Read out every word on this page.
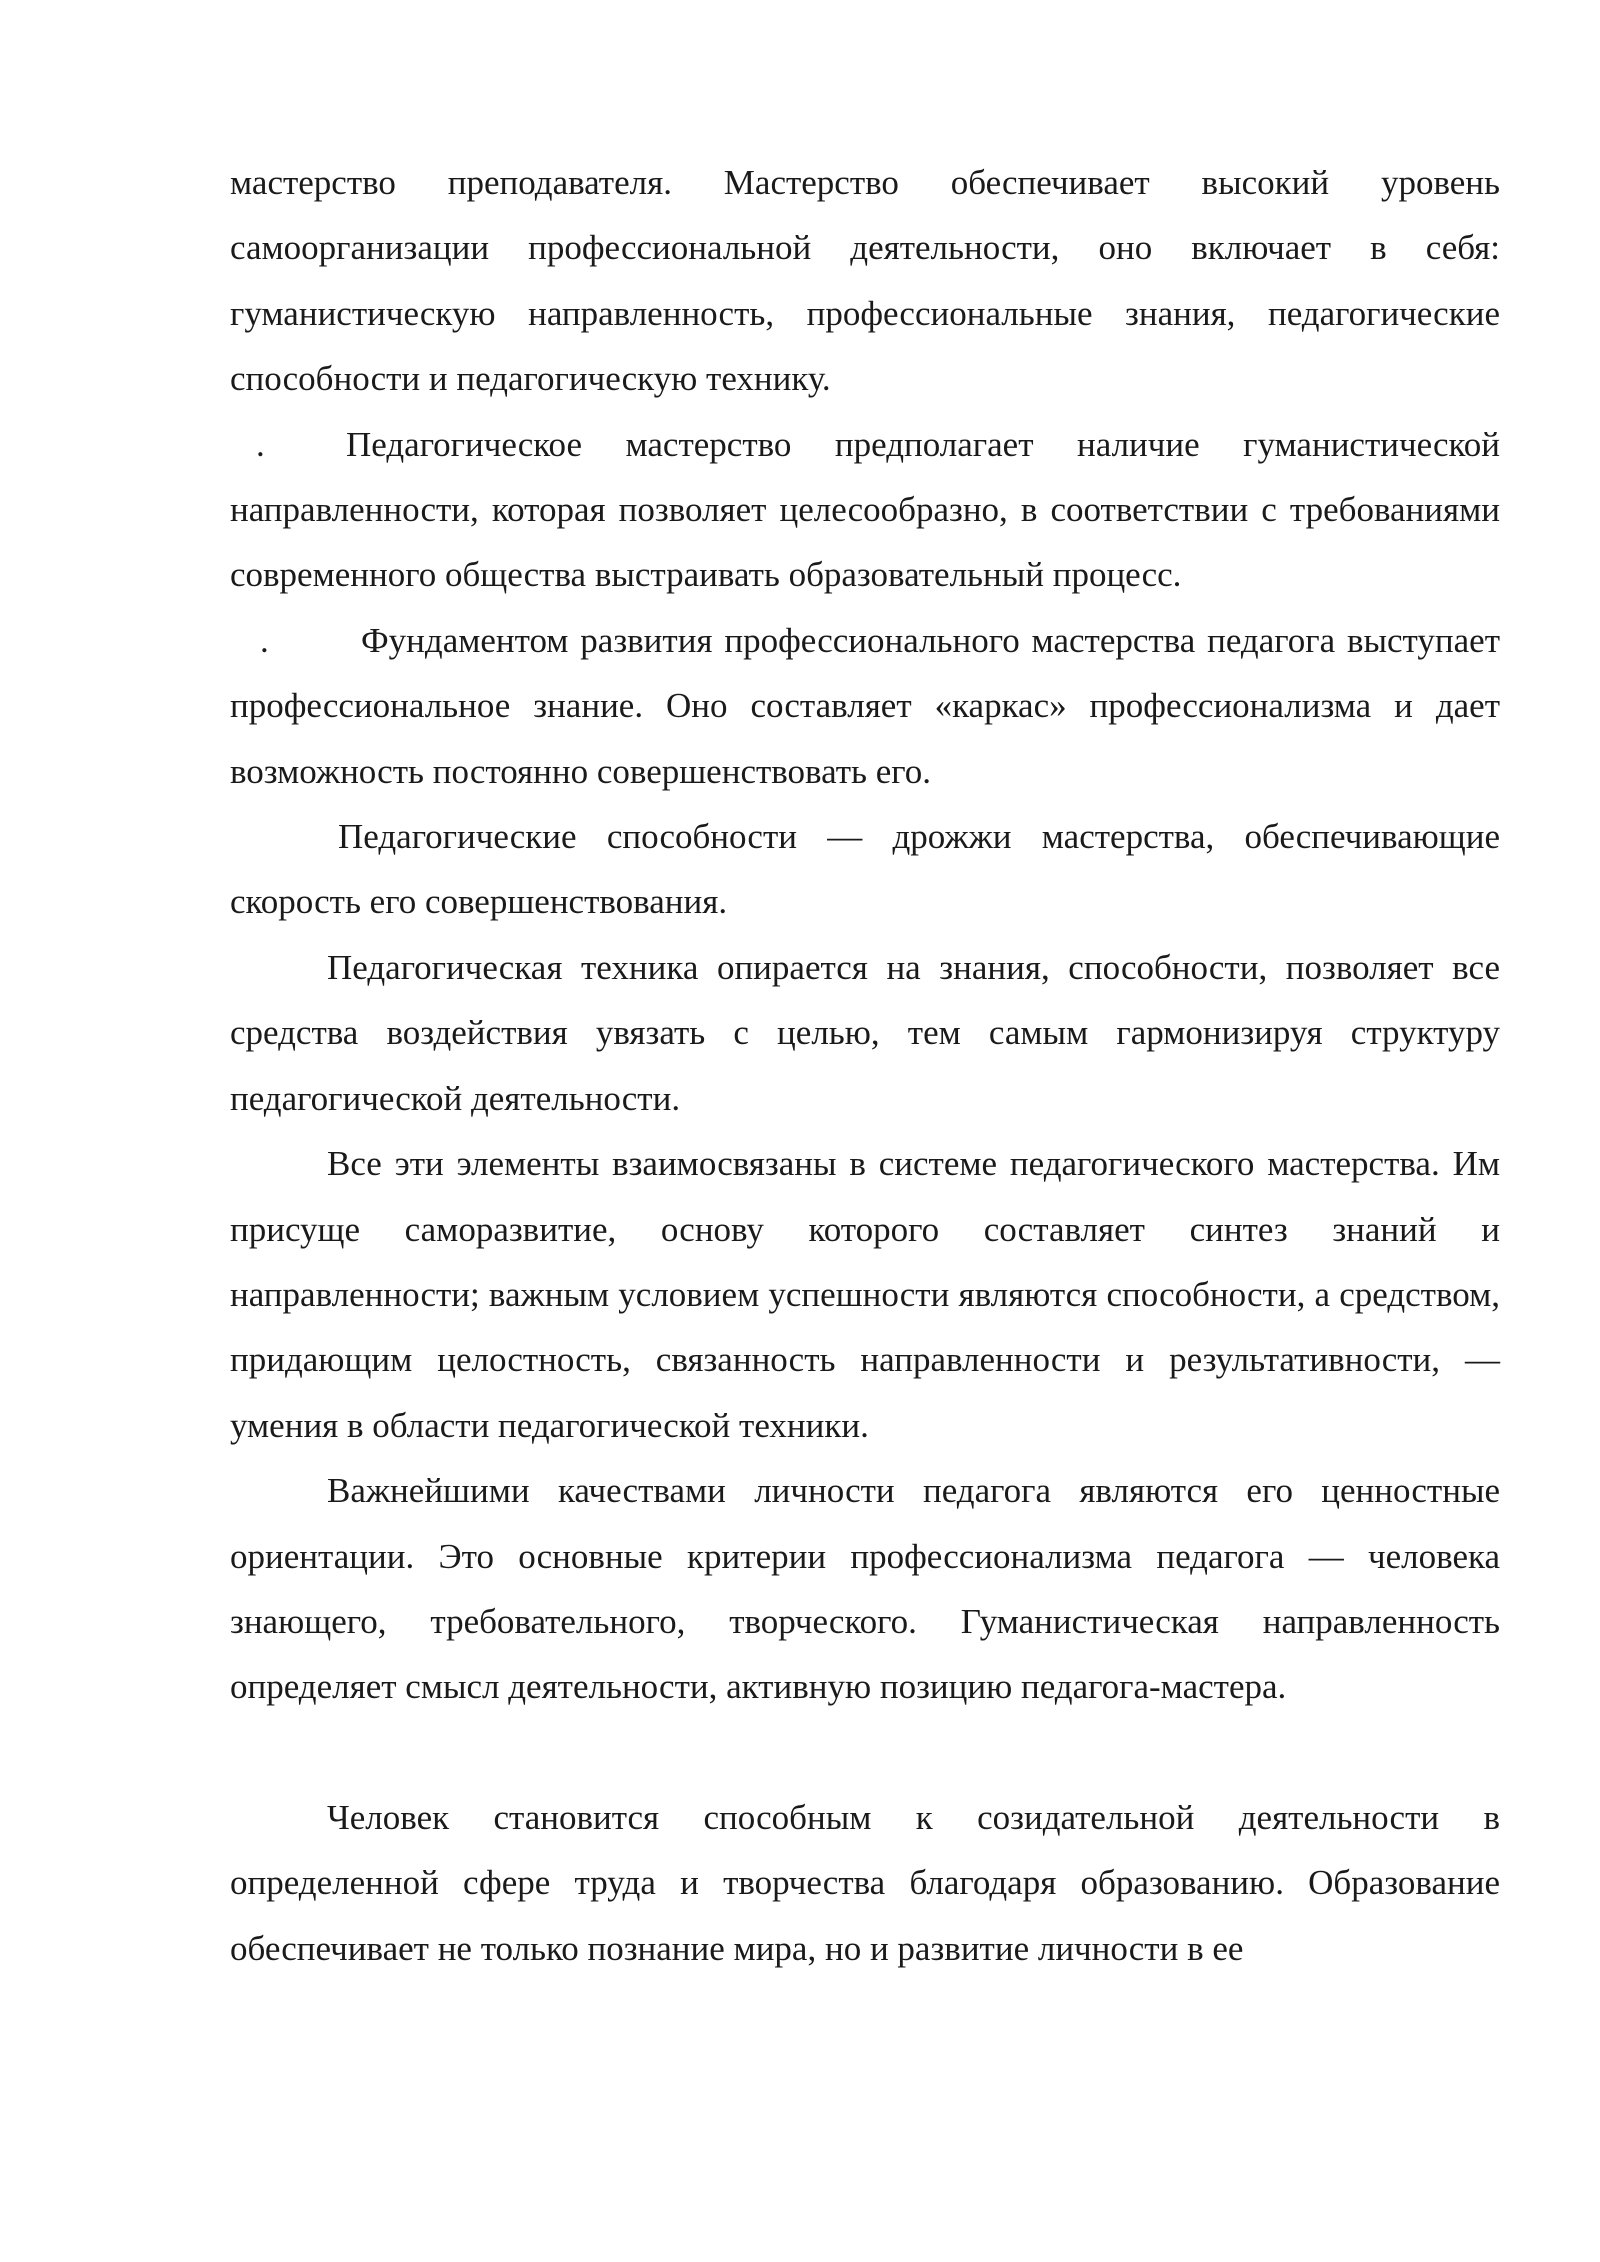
мастерство преподавателя. Мастерство обеспечивает высокий уровень самоорганизации профессиональной деятельности, оно включает в себя: гуманистическую направленность, профессиональные знания, педагогические способности и педагогическую технику.

. Педагогическое мастерство предполагает наличие гуманистической направленности, которая позволяет целесообразно, в соответствии с требованиями современного общества выстраивать образовательный процесс.

.	Фундаментом развития профессионального мастерства педагога выступает профессиональное знание. Оно составляет «каркас» профессионализма и дает возможность постоянно совершенствовать его.

Педагогические способности — дрожжи мастерства, обеспечивающие скорость его совершенствования.

Педагогическая техника опирается на знания, способности, позволяет все средства воздействия увязать с целью, тем самым гармонизируя структуру педагогической деятельности.

Все эти элементы взаимосвязаны в системе педагогического мастерства. Им присуще саморазвитие, основу которого составляет синтез знаний и направленности; важным условием успешности являются способности, а средством, придающим целостность, связанность направленности и результативности, — умения в области педагогической техники.

Важнейшими качествами личности педагога являются его ценностные ориентации. Это основные критерии профессионализма педагога — человека знающего, требовательного, творческого. Гуманистическая направленность определяет смысл деятельности, активную позицию педагога-мастера.

Человек становится способным к созидательной деятельности в определенной сфере труда и творчества благодаря образованию. Образование обеспечивает не только познание мира, но и развитие личности в ее
